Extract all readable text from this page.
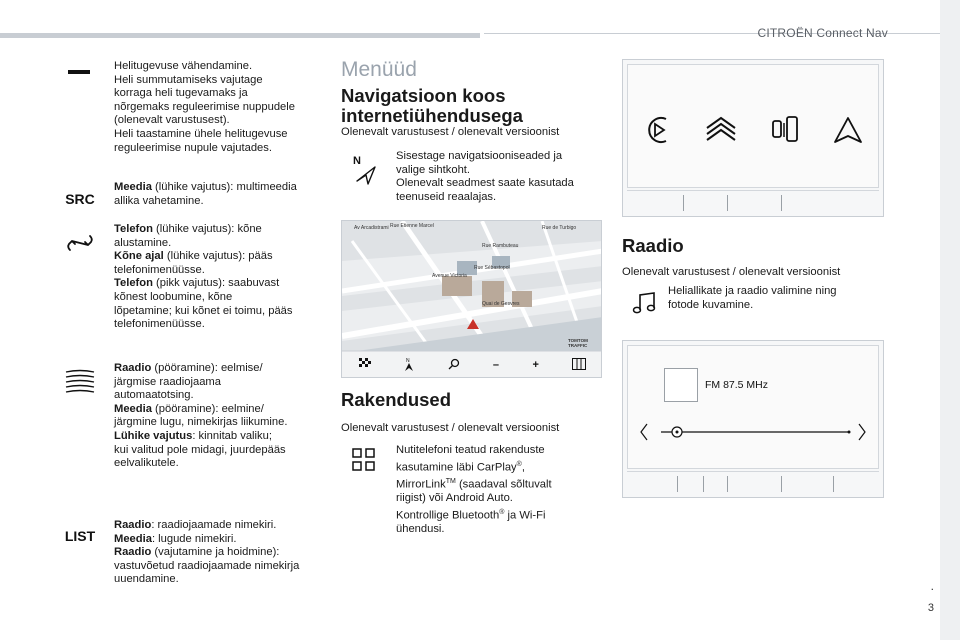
CITROËN Connect Nav
.
3
Helitugevuse vähendamine.
Heli summutamiseks vajutage
korraga heli tugevamaks ja
nõrgemaks reguleerimise nuppudele
(olenevalt varustusest).
Heli taastamine ühele helitugevuse
reguleerimise nupule vajutades.
SRC
Meedia (lühike vajutus): multimeedia
allika vahetamine.
Telefon (lühike vajutus): kõne
alustamine.
Kõne ajal (lühike vajutus): pääs
telefonimenüüsse.
Telefon (pikk vajutus): saabuvast
kõnest loobumine, kõne
lõpetamine; kui kõnet ei toimu, pääs
telefonimenüüsse.
Raadio (pööramine): eelmise/
järgmise raadiojaama
automaatotsing.
Meedia (pööramine): eelmine/
järgmine lugu, nimekirjas liikumine.
Lühike vajutus: kinnitab valiku;
kui valitud pole midagi, juurdepääs
eelvalikutele.
LIST
Raadio: raadiojaamade nimekiri.
Meedia: lugude nimekiri.
Raadio (vajutamine ja hoidmine):
vastuvõetud raadiojaamade nimekirja
uuendamine.
Menüüd
Navigatsioon koos
internetiühendusega
Olenevalt varustusest / olenevalt versioonist
N	Sisestage navigatsiooniseaded ja
valige sihtkoht.
Olenevalt seadmest saate kasutada
teenuseid reaalajas.
Av Arcadistrami Rue Etienne Marcel	Rue de Turbigo
Rue Rambuteau
Rue Sébastopol
Avenue Victoria
Quai de Gesvres
TOMTOM TRAFFIC
N	–	+
Rakendused
Olenevalt varustusest / olenevalt versioonist
Nutitelefoni teatud rakenduste
kasutamine läbi CarPlay®,
MirrorLink™ (saadaval sõltuvalt
riigist) või Android Auto.
Kontrollige Bluetooth® ja Wi-Fi
ühendusi.
Raadio
Olenevalt varustusest / olenevalt versioonist
Heliallikate ja raadio valimine ning
fotode kuvamine.
FM 87.5 MHz
